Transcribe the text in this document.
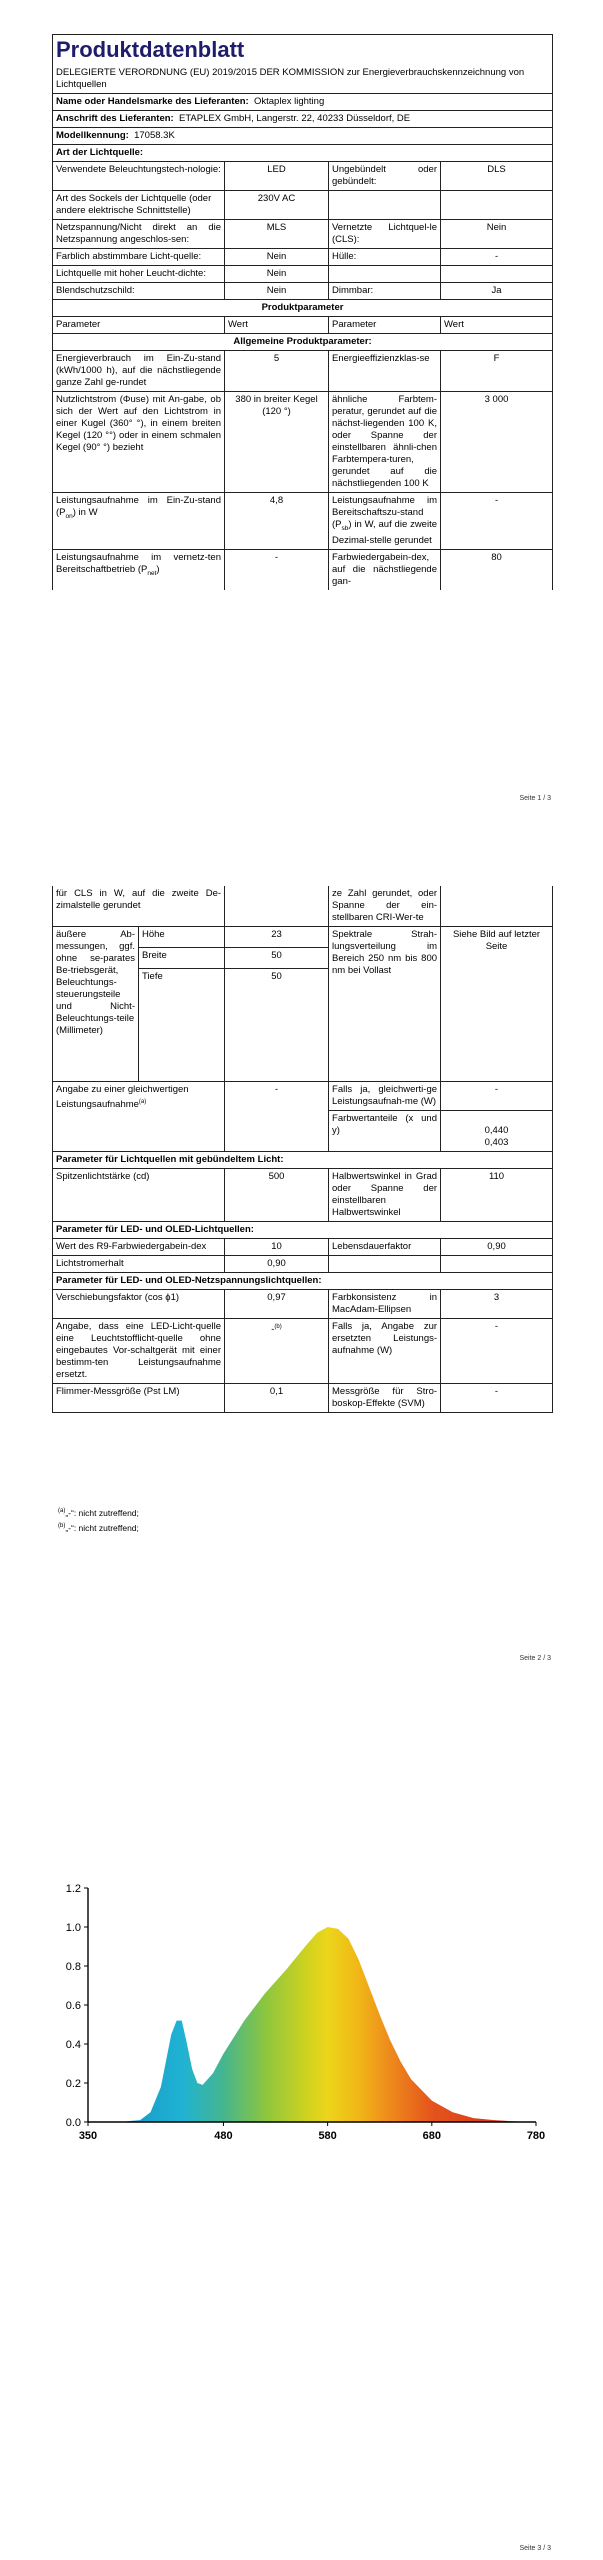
Produktdatenblatt			

DELEGIERTE VERORDNUNG (EU) 2019/2015 DER KOMMISSION zur Energieverbrauchskennzeichnung von Lichtquellen			
Name oder Handelsmarke des Lieferanten: Oktaplex lighting			
Anschrift des Lieferanten: ETAPLEX GmbH, Langerstr. 22, 40233 Düsseldorf, DE			
Modellkennung: 17058.3K			
Art der Lichtquelle:			
Verwendete Beleuchtungstech-nologie:	LED	Ungebündelt oder gebündelt:	DLS
Art des Sockels der Lichtquelle (oder andere elektrische Schnittstelle)	230V AC		
Netzspannung/Nicht direkt an die Netzspannung angeschlos-sen:	MLS	Vernetzte Lichtquel-le (CLS):	Nein
Farblich abstimmbare Licht-quelle:	Nein	Hülle:	-
Lichtquelle mit hoher Leucht-dichte:	Nein		
Blendschutzschild:	Nein	Dimmbar:	Ja
Produktparameter			
Parameter	Wert	Parameter	Wert
Allgemeine Produktparameter:			
Energieverbrauch im Ein-Zu-stand (kWh/1000 h), auf die nächstliegende ganze Zahl ge-rundet	5	Energieeffizienzklas-se	F
Nutzlichtstrom (Φuse) mit An-gabe, ob sich der Wert auf den Lichtstrom in einer Kugel (360° °), in einem breiten Kegel (120 °°) oder in einem schmalen Kegel (90° °) bezieht	380 in breiter Kegel (120 °)	ähnliche Farbtem-peratur, gerundet auf die nächst-liegenden 100 K, oder Spanne der einstellbaren ähnli-chen Farbtempera-turen, gerundet auf die nächstliegenden 100 K	3 000
Leistungsaufnahme im Ein-Zu-stand $(P_{on})$ in W	4,8	Leistungsaufnahme im Bereitschaftszu-stand $(P_{sb})$ in W, auf die zweite Dezimal-stelle gerundet	-
Leistungsaufnahme im vernetz-ten Bereitschaftbetrieb $(P_{net})$	-	Farbwiedergabein-dex, auf die nächstliegende gan-	80
Seite 1 / 3
für CLS in W, auf die zweite De-zimalstelle gerundet			ze Zahl gerundet, oder Spanne der ein-stellbaren CRI-Wer-te	
äußere Ab-messungen, ggf. ohne se-parates Be-triebsgerät, Beleuchtungs-steuerungsteile und Nicht-Beleuchtungs-teile (Millimeter)	Höhe	23	Spektrale Strah-lungsverteilung im Bereich 250 nm bis 800 nm bei Vollast	Siehe Bild auf letzter Seite
	Breite	50		
	Tiefe	50		
Angabe zu einer gleichwertigen Leistungsaufnahme$^{(a)}$		-	Falls ja, gleichwerti-ge Leistungsaufnah-me (W)	-
			Farbwertanteile (x und y)	0,440
0,403
Parameter für Lichtquellen mit gebündeltem Licht:				
Spitzenlichtstärke (cd)		500	Halbwertswinkel in Grad oder Spanne der einstellbaren Halbwertswinkel	110
Parameter für LED- und OLED-Lichtquellen:				
Wert des R9-Farbwiedergabein-dex		10	Lebensdauerfaktor	0,90
Lichtstromerhalt		0,90		
Parameter für LED- und OLED-Netzspannungslichtquellen:				
Verschiebungsfaktor (cos ϕ1)		0,97	Farbkonsistenz in MacAdam-Ellipsen	3
Angabe, dass eine LED-Licht-quelle eine Leuchtstofflicht-quelle ohne eingebautes Vor-schaltgerät mit einer bestimm-ten Leistungsaufnahme ersetzt.		-$^{(b)}$	Falls ja, Angabe zur ersetzten Leistungs-aufnahme (W)	-
Flimmer-Messgröße (Pst LM)		0,1	Messgröße für Stro-boskop-Effekte (SVM)	-
$^{(a)}$„-“: nicht zutreffend;
$^{(b)}$„-“: nicht zutreffend;
Seite 2 / 3
0.0
0.2
0.4
0.6
0.8
1.0
1.2
350	480	580	680	780
Seite 3 / 3
